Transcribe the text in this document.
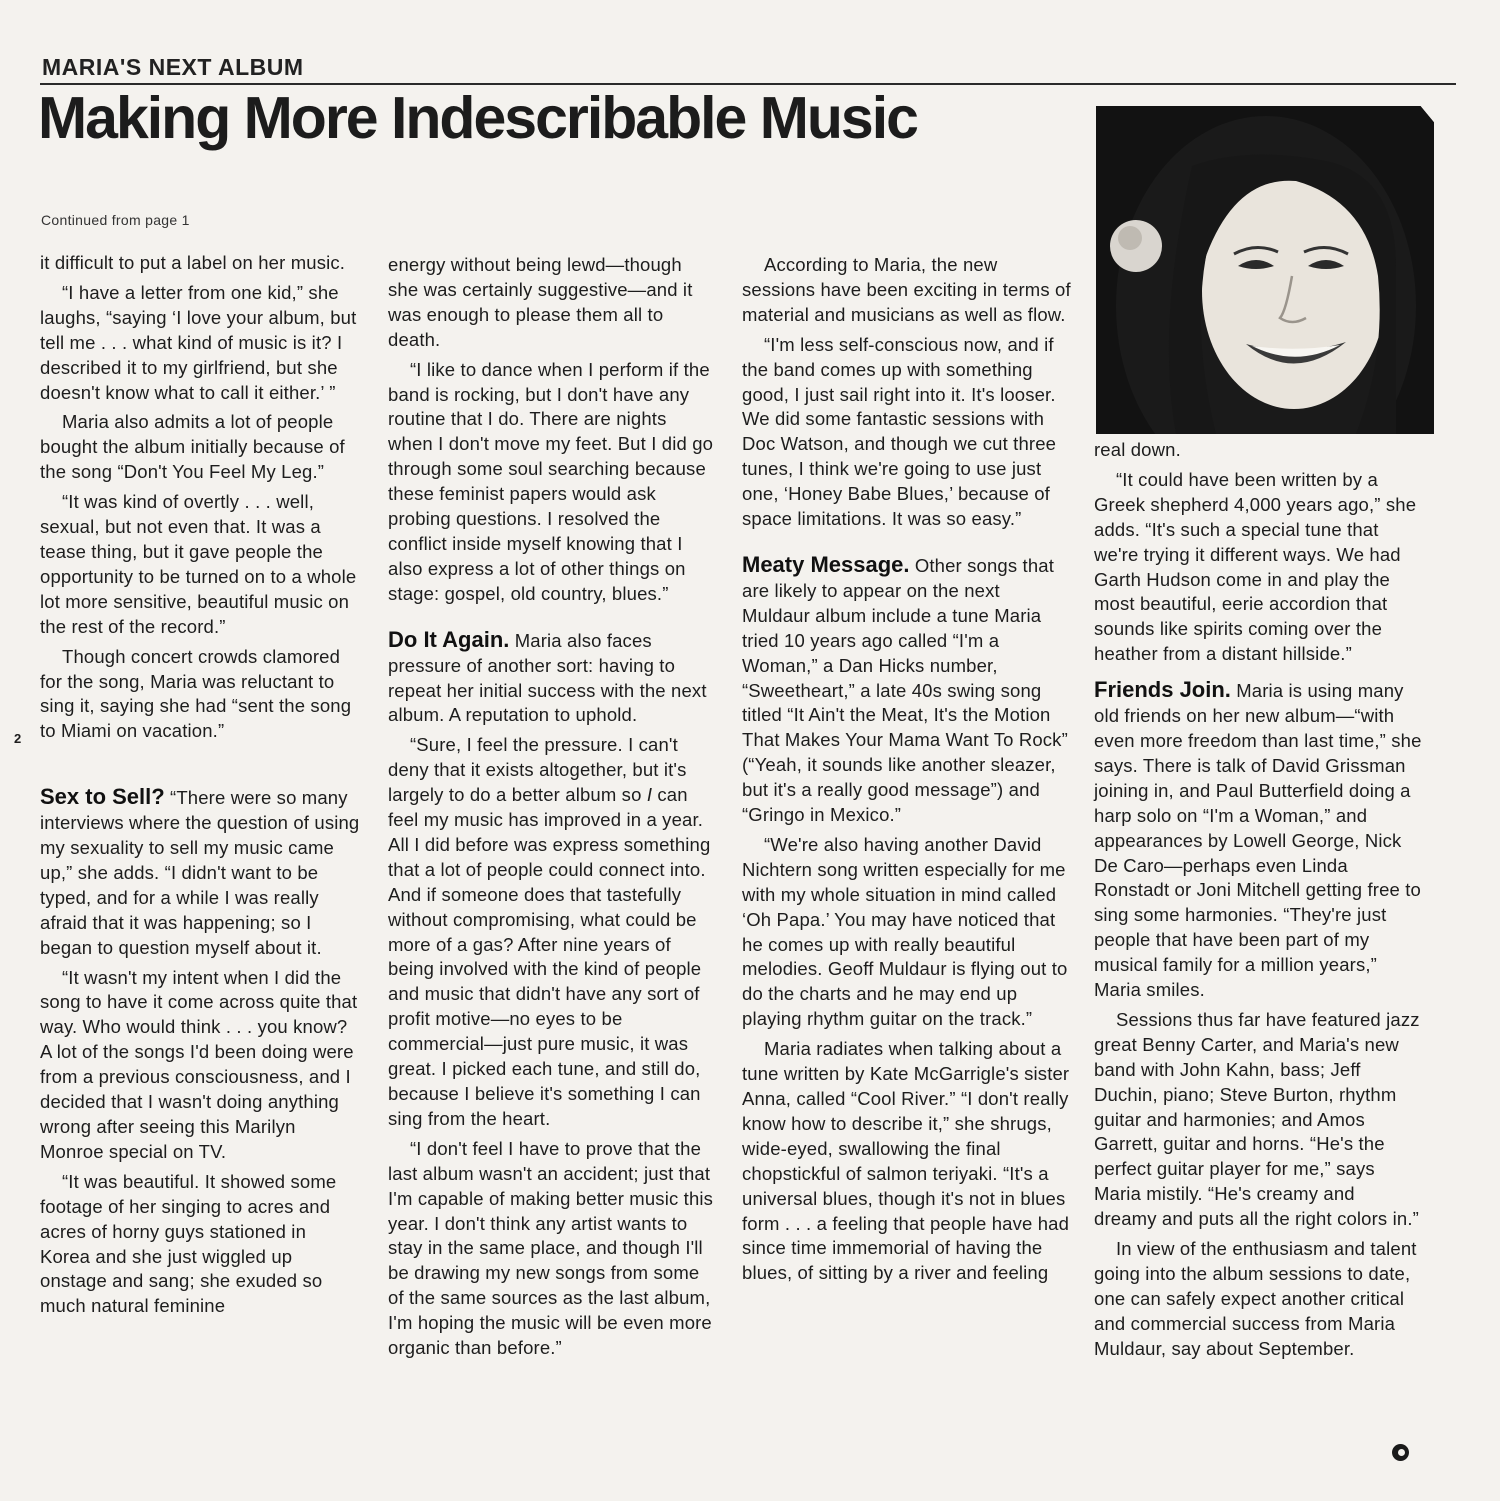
MARIA'S NEXT ALBUM
Making More Indescribable Music
Continued from page 1
2

it difficult to put a label on her music.

“I have a letter from one kid,” she laughs, “saying ‘I love your album, but tell me . . . what kind of music is it? I described it to my girlfriend, but she doesn't know what to call it either.’ ”

Maria also admits a lot of people bought the album initially because of the song “Don't You Feel My Leg.”

“It was kind of overtly . . . well, sexual, but not even that. It was a tease thing, but it gave people the opportunity to be turned on to a whole lot more sensitive, beautiful music on the rest of the record.”

Though concert crowds clamored for the song, Maria was reluctant to sing it, saying she had “sent the song to Miami on vacation.”

Sex to Sell? “There were so many interviews where the question of using my sexuality to sell my music came up,” she adds. “I didn't want to be typed, and for a while I was really afraid that it was happening; so I began to question myself about it.

“It wasn't my intent when I did the song to have it come across quite that way. Who would think . . . you know? A lot of the songs I'd been doing were from a previous consciousness, and I decided that I wasn't doing anything wrong after seeing this Marilyn Monroe special on TV.

“It was beautiful. It showed some footage of her singing to acres and acres of horny guys stationed in Korea and she just wiggled up onstage and sang; she exuded so much natural feminine

energy without being lewd—though she was certainly suggestive—and it was enough to please them all to death.

“I like to dance when I perform if the band is rocking, but I don't have any routine that I do. There are nights when I don't move my feet. But I did go through some soul searching because these feminist papers would ask probing questions. I resolved the conflict inside myself knowing that I also express a lot of other things on stage: gospel, old country, blues.”

Do It Again. Maria also faces pressure of another sort: having to repeat her initial success with the next album. A reputation to uphold.

“Sure, I feel the pressure. I can't deny that it exists altogether, but it's largely to do a better album so I can feel my music has improved in a year. All I did before was express something that a lot of people could connect into. And if someone does that tastefully without compromising, what could be more of a gas? After nine years of being involved with the kind of people and music that didn't have any sort of profit motive—no eyes to be commercial—just pure music, it was great. I picked each tune, and still do, because I believe it's something I can sing from the heart.

“I don't feel I have to prove that the last album wasn't an accident; just that I'm capable of making better music this year. I don't think any artist wants to stay in the same place, and though I'll be drawing my new songs from some of the same sources as the last album, I'm hoping the music will be even more organic than before.”

According to Maria, the new sessions have been exciting in terms of material and musicians as well as flow.

“I'm less self-conscious now, and if the band comes up with something good, I just sail right into it. It's looser. We did some fantastic sessions with Doc Watson, and though we cut three tunes, I think we're going to use just one, ‘Honey Babe Blues,’ because of space limitations. It was so easy.”

Meaty Message. Other songs that are likely to appear on the next Muldaur album include a tune Maria tried 10 years ago called “I'm a Woman,” a Dan Hicks number, “Sweetheart,” a late 40s swing song titled “It Ain't the Meat, It's the Motion That Makes Your Mama Want To Rock” (“Yeah, it sounds like another sleazer, but it's a really good message”) and “Gringo in Mexico.”

“We're also having another David Nichtern song written especially for me with my whole situation in mind called ‘Oh Papa.’ You may have noticed that he comes up with really beautiful melodies. Geoff Muldaur is flying out to do the charts and he may end up playing rhythm guitar on the track.”

Maria radiates when talking about a tune written by Kate McGarrigle's sister Anna, called “Cool River.” “I don't really know how to describe it,” she shrugs, wide-eyed, swallowing the final chopstickful of salmon teriyaki. “It's a universal blues, though it's not in blues form . . . a feeling that people have had since time immemorial of having the blues, of sitting by a river and feeling

real down.

“It could have been written by a Greek shepherd 4,000 years ago,” she adds. “It's such a special tune that we're trying it different ways. We had Garth Hudson come in and play the most beautiful, eerie accordion that sounds like spirits coming over the heather from a distant hillside.”

Friends Join. Maria is using many old friends on her new album—“with even more freedom than last time,” she says. There is talk of David Grissman joining in, and Paul Butterfield doing a harp solo on “I'm a Woman,” and appearances by Lowell George, Nick De Caro—perhaps even Linda Ronstadt or Joni Mitchell getting free to sing some harmonies. “They're just people that have been part of my musical family for a million years,” Maria smiles.

Sessions thus far have featured jazz great Benny Carter, and Maria's new band with John Kahn, bass; Jeff Duchin, piano; Steve Burton, rhythm guitar and harmonies; and Amos Garrett, guitar and horns. “He's the perfect guitar player for me,” says Maria mistily. “He's creamy and dreamy and puts all the right colors in.”

In view of the enthusiasm and talent going into the album sessions to date, one can safely expect another critical and commercial success from Maria Muldaur, say about September.
